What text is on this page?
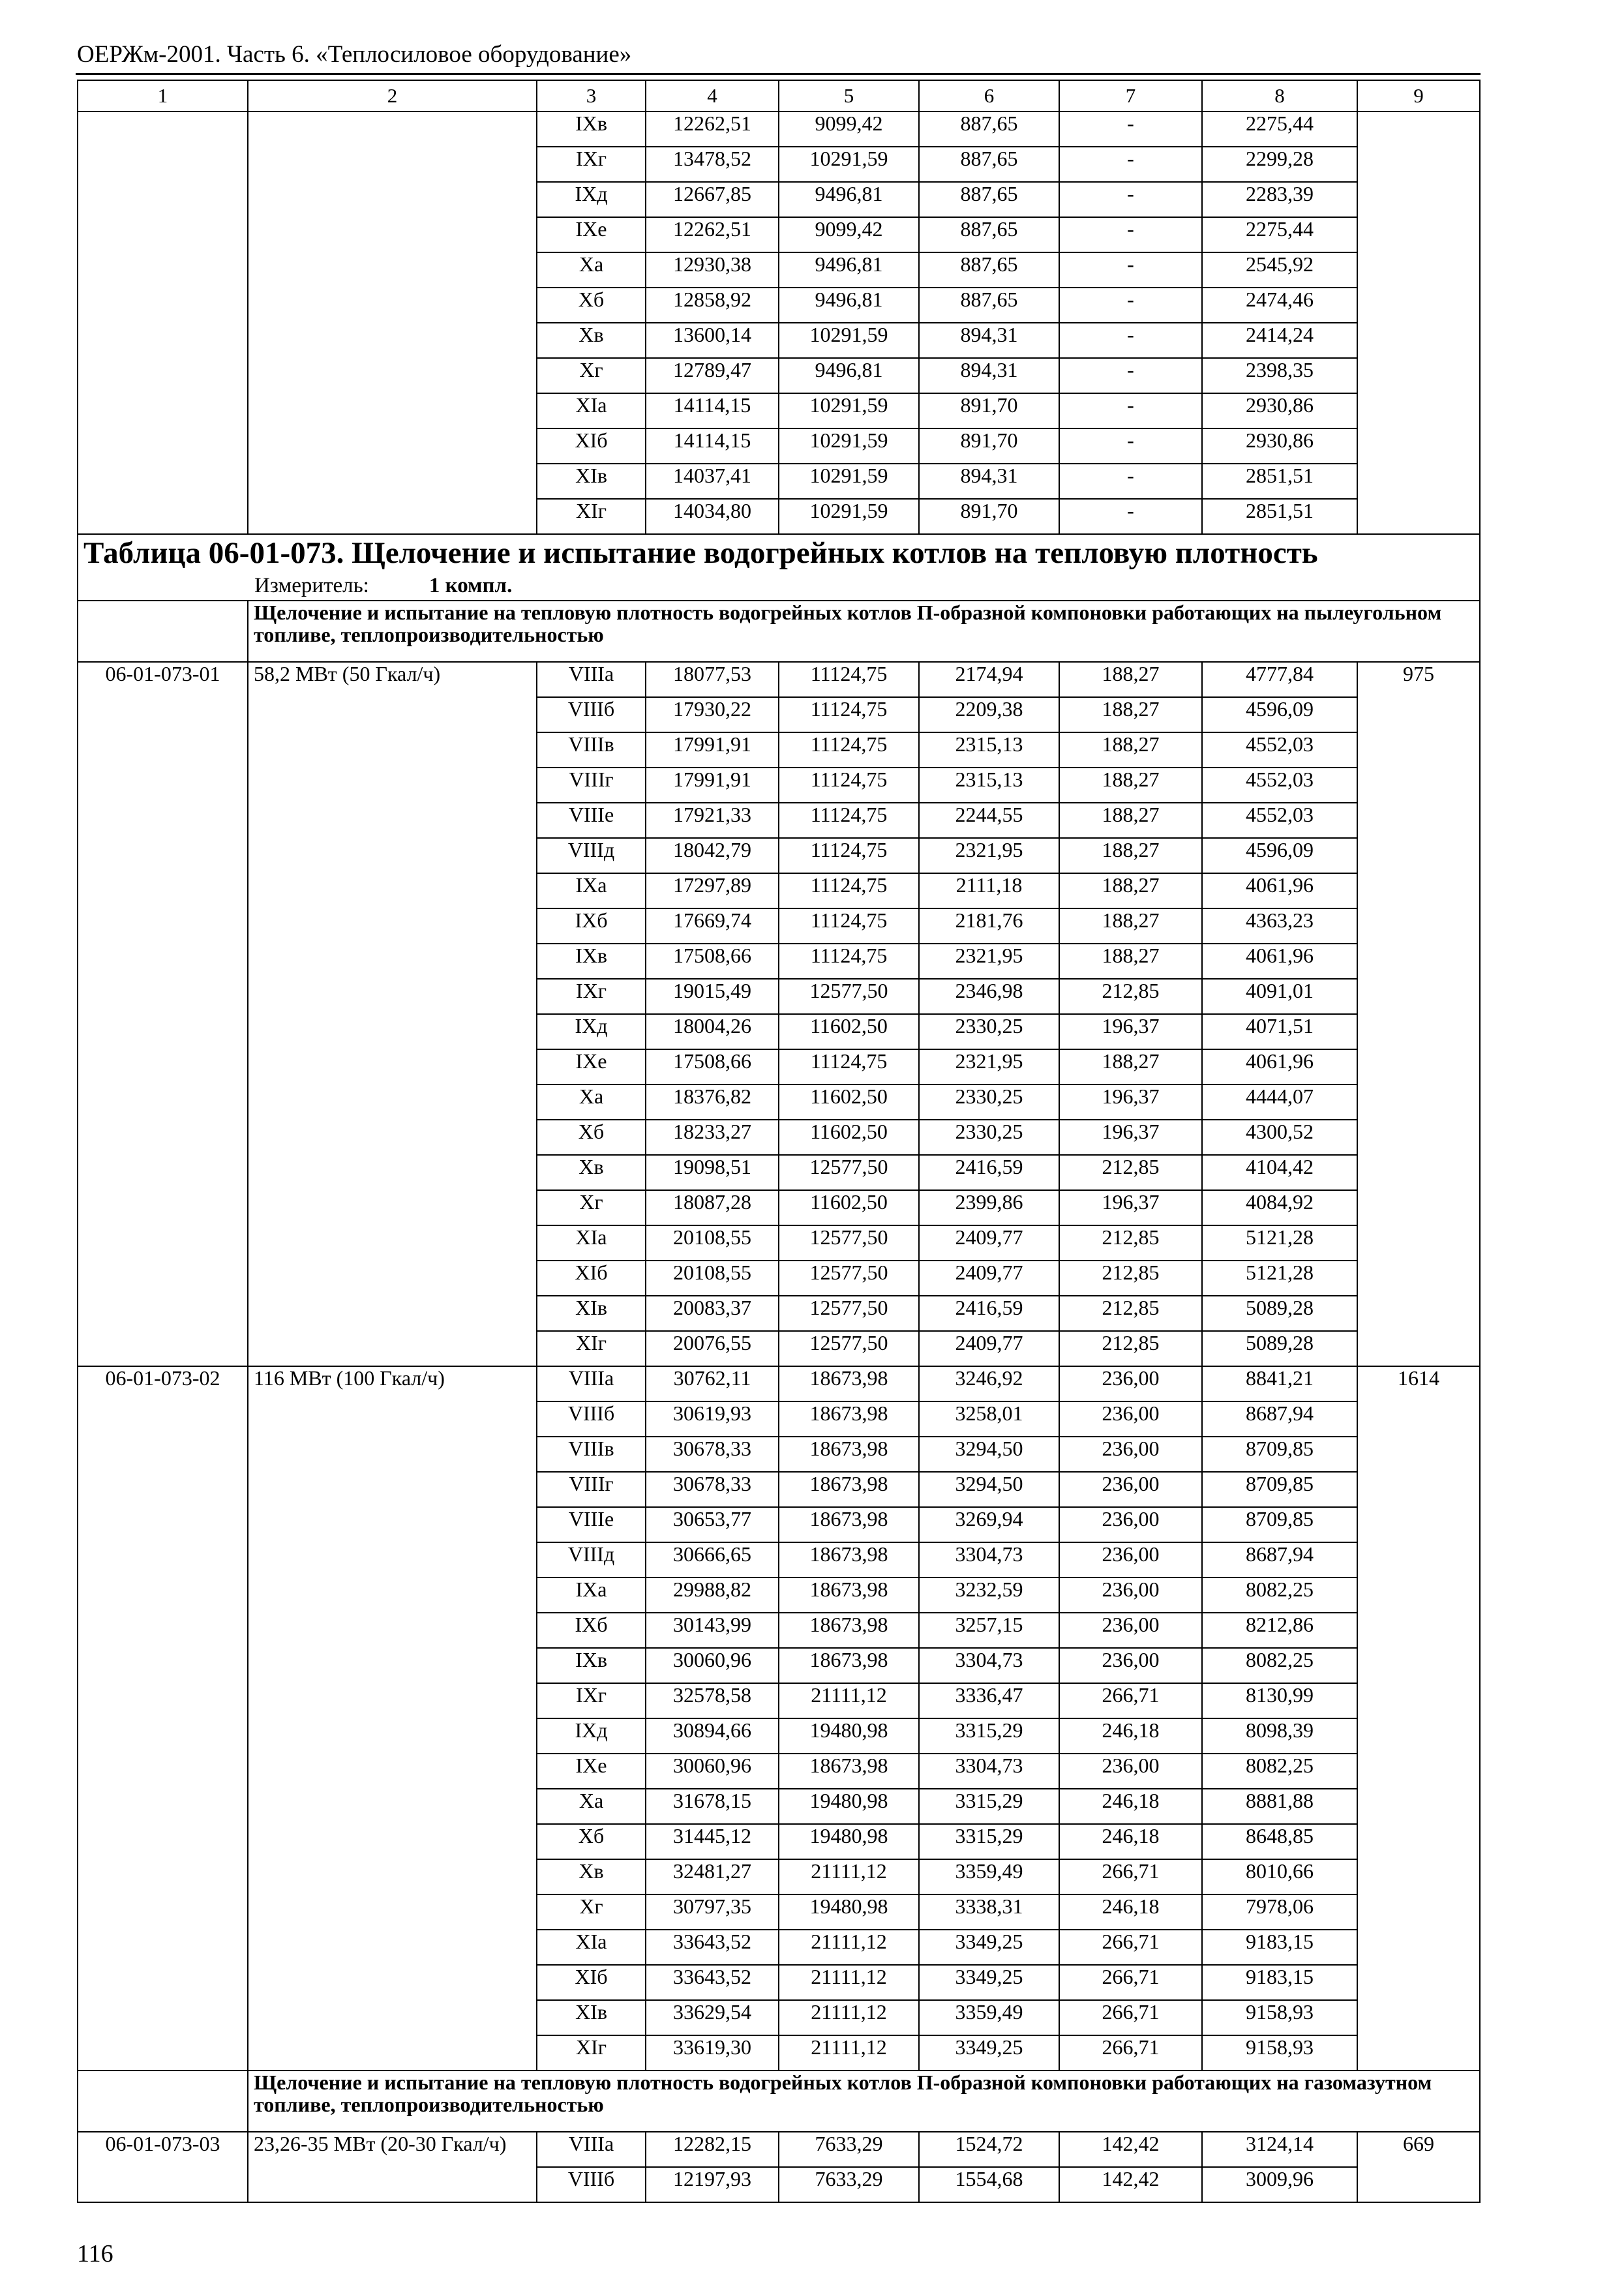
ОЕРЖм-2001. Часть 6. «Теплосиловое оборудование»
1	2	3	4	5	6	7	8	9
		IXв	12262,51	9099,42	887,65	-	2275,44	
		IXг	13478,52	10291,59	887,65	-	2299,28	
		IXд	12667,85	9496,81	887,65	-	2283,39	
		IXе	12262,51	9099,42	887,65	-	2275,44	
		Xа	12930,38	9496,81	887,65	-	2545,92	
		Xб	12858,92	9496,81	887,65	-	2474,46	
		Xв	13600,14	10291,59	894,31	-	2414,24	
		Xг	12789,47	9496,81	894,31	-	2398,35	
		XIа	14114,15	10291,59	891,70	-	2930,86	
		XIб	14114,15	10291,59	891,70	-	2930,86	
		XIв	14037,41	10291,59	894,31	-	2851,51	
		XIг	14034,80	10291,59	891,70	-	2851,51	

Таблица 06-01-073. Щелочение и испытание водогрейных котлов на тепловую плотность
Измеритель: 1 компл.								

	Щелочение и испытание на тепловую плотность водогрейных котлов П-образной компоновки работающих на пылеугольном топливе, теплопроизводительностью							
06-01-073-01	58,2 МВт (50 Гкал/ч)	VIIIа	18077,53	11124,75	2174,94	188,27	4777,84	975
		VIIIб	17930,22	11124,75	2209,38	188,27	4596,09	
		VIIIв	17991,91	11124,75	2315,13	188,27	4552,03	
		VIIIг	17991,91	11124,75	2315,13	188,27	4552,03	
		VIIIе	17921,33	11124,75	2244,55	188,27	4552,03	
		VIIIд	18042,79	11124,75	2321,95	188,27	4596,09	
		IXа	17297,89	11124,75	2111,18	188,27	4061,96	
		IXб	17669,74	11124,75	2181,76	188,27	4363,23	
		IXв	17508,66	11124,75	2321,95	188,27	4061,96	
		IXг	19015,49	12577,50	2346,98	212,85	4091,01	
		IXд	18004,26	11602,50	2330,25	196,37	4071,51	
		IXе	17508,66	11124,75	2321,95	188,27	4061,96	
		Xа	18376,82	11602,50	2330,25	196,37	4444,07	
		Xб	18233,27	11602,50	2330,25	196,37	4300,52	
		Xв	19098,51	12577,50	2416,59	212,85	4104,42	
		Xг	18087,28	11602,50	2399,86	196,37	4084,92	
		XIа	20108,55	12577,50	2409,77	212,85	5121,28	
		XIб	20108,55	12577,50	2409,77	212,85	5121,28	
		XIв	20083,37	12577,50	2416,59	212,85	5089,28	
		XIг	20076,55	12577,50	2409,77	212,85	5089,28	
06-01-073-02	116 МВт (100 Гкал/ч)	VIIIа	30762,11	18673,98	3246,92	236,00	8841,21	1614
		VIIIб	30619,93	18673,98	3258,01	236,00	8687,94	
		VIIIв	30678,33	18673,98	3294,50	236,00	8709,85	
		VIIIг	30678,33	18673,98	3294,50	236,00	8709,85	
		VIIIе	30653,77	18673,98	3269,94	236,00	8709,85	
		VIIIд	30666,65	18673,98	3304,73	236,00	8687,94	
		IXа	29988,82	18673,98	3232,59	236,00	8082,25	
		IXб	30143,99	18673,98	3257,15	236,00	8212,86	
		IXв	30060,96	18673,98	3304,73	236,00	8082,25	
		IXг	32578,58	21111,12	3336,47	266,71	8130,99	
		IXд	30894,66	19480,98	3315,29	246,18	8098,39	
		IXе	30060,96	18673,98	3304,73	236,00	8082,25	
		Xа	31678,15	19480,98	3315,29	246,18	8881,88	
		Xб	31445,12	19480,98	3315,29	246,18	8648,85	
		Xв	32481,27	21111,12	3359,49	266,71	8010,66	
		Xг	30797,35	19480,98	3338,31	246,18	7978,06	
		XIа	33643,52	21111,12	3349,25	266,71	9183,15	
		XIб	33643,52	21111,12	3349,25	266,71	9183,15	
		XIв	33629,54	21111,12	3359,49	266,71	9158,93	
		XIг	33619,30	21111,12	3349,25	266,71	9158,93	
	Щелочение и испытание на тепловую плотность водогрейных котлов П-образной компоновки работающих на газомазутном топливе, теплопроизводительностью							
06-01-073-03	23,26-35 МВт (20-30 Гкал/ч)	VIIIа	12282,15	7633,29	1524,72	142,42	3124,14	669
		VIIIб	12197,93	7633,29	1554,68	142,42	3009,96	
116
